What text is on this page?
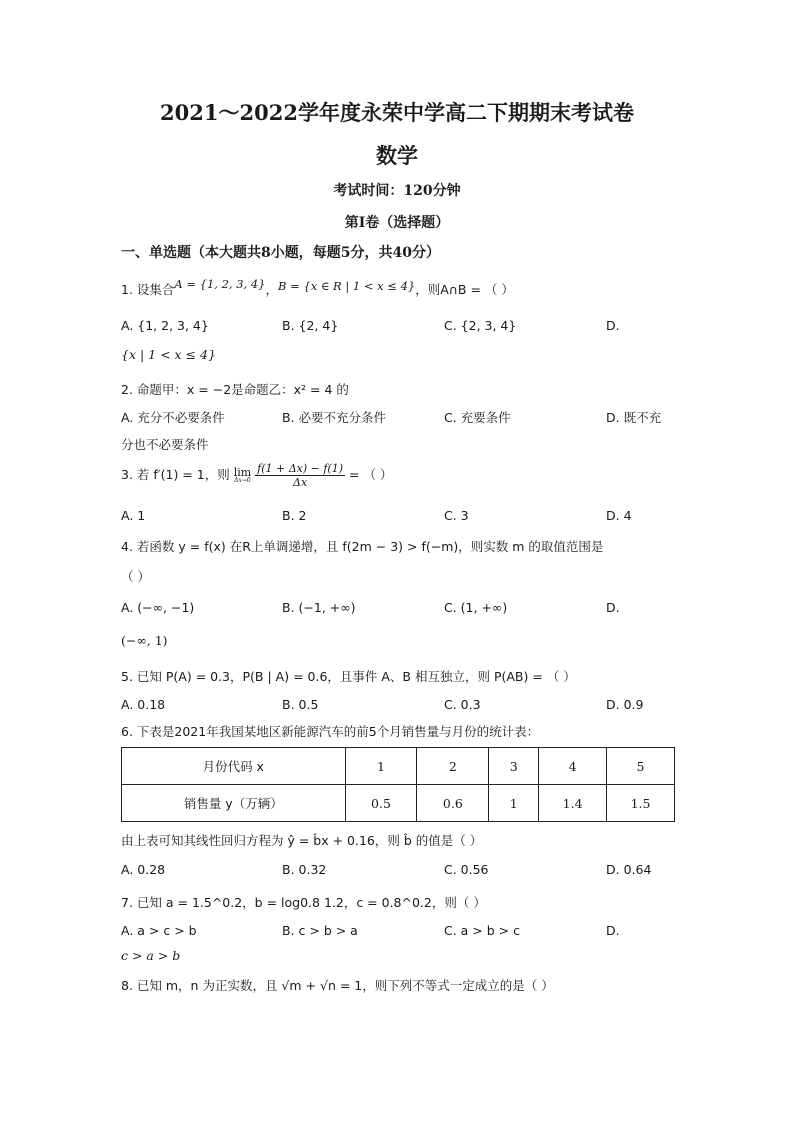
2021～2022学年度永荣中学高二下期期末考试卷
数学
考试时间：120分钟
第I卷（选择题）
一、单选题（本大题共8小题，每题5分，共40分）
1. 设集合A = {1, 2, 3, 4}，B = {x ∈ R | 1 < x ≤ 4}，则A∩B = （ ）
A. {1, 2, 3, 4}	B. {2, 4}	C. {2, 3, 4}	D.
{x | 1 < x ≤ 4}
2. 命题甲：x = −2是命题乙：x² = 4 的
A. 充分不必要条件	B. 必要不充分条件	C. 充要条件	D. 既不充
分也不必要条件
3. 若 f′(1) = 1，则 lim
Δx→0
$\frac{f(1 + \Delta x) - f(1)}{\Delta x}$ = （ ）
A. 1	B. 2	C. 3	D. 4
4. 若函数 y = f(x) 在R上单调递增，且 f(2m − 3) > f(−m)，则实数 m 的取值范围是
（ ）
A. (−∞, −1)	B. (−1, +∞)	C. (1, +∞)	D.
(−∞, 1)
5. 已知 P(A) = 0.3，P(B | A) = 0.6，且事件 A、B 相互独立，则 P(AB) = （ ）
A. 0.18	B. 0.5	C. 0.3	D. 0.9
6. 下表是2021年我国某地区新能源汽车的前5个月销售量与月份的统计表：
月份代码 x	1	2	3	4	5
销售量 y（万辆）	0.5	0.6	1	1.4	1.5
由上表可知其线性回归方程为 ŷ = b̂x + 0.16，则 b̂ 的值是（ ）
A. 0.28	B. 0.32	C. 0.56	D. 0.64
7. 已知 a = 1.5^0.2，b = log0.8 1.2，c = 0.8^0.2，则（ ）
A. a > c > b	B. c > b > a	C. a > b > c	D.
c > a > b
8. 已知 m，n 为正实数，且 √m + √n = 1，则下列不等式一定成立的是（ ）
